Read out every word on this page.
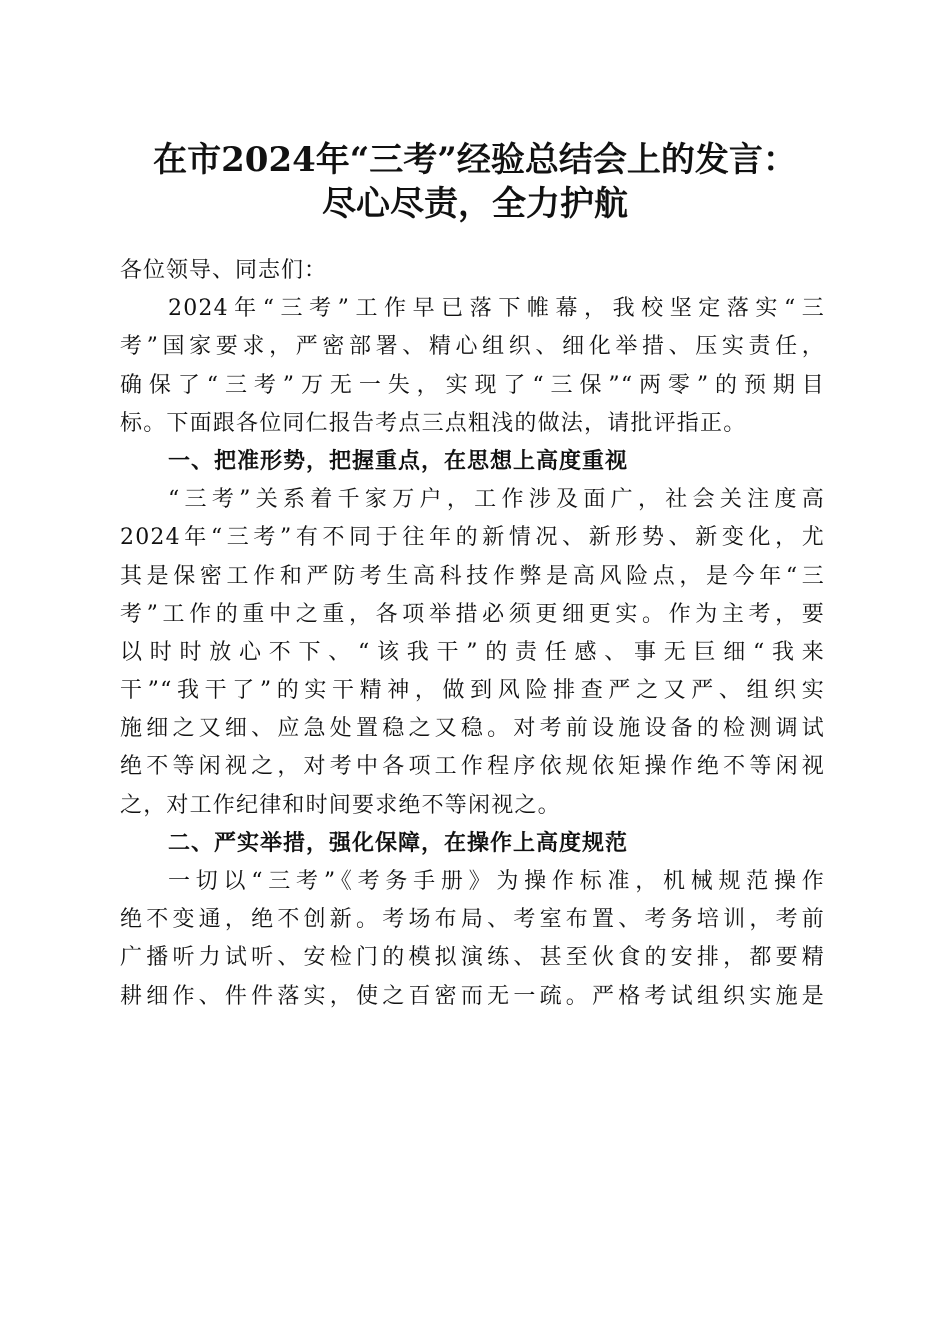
在市2024年“三考”经验总结会上的发言：
尽心尽责，全力护航
各位领导、同志们：
2024年“三考”工作早已落下帷幕，我校坚定落实“三
考”国家要求，严密部署、精心组织、细化举措、压实责任，
确保了“三考”万无一失，实现了“三保”“两零”的预期目
标。下面跟各位同仁报告考点三点粗浅的做法，请批评指正。
一、把准形势，把握重点，在思想上高度重视
“三考”关系着千家万户，工作涉及面广，社会关注度高
2024年“三考”有不同于往年的新情况、新形势、新变化，尤
其是保密工作和严防考生高科技作弊是高风险点，是今年“三
考”工作的重中之重，各项举措必须更细更实。作为主考，要
以时时放心不下、“该我干”的责任感、事无巨细“我来
干”“我干了”的实干精神，做到风险排查严之又严、组织实
施细之又细、应急处置稳之又稳。对考前设施设备的检测调试
绝不等闲视之，对考中各项工作程序依规依矩操作绝不等闲视
之，对工作纪律和时间要求绝不等闲视之。
二、严实举措，强化保障，在操作上高度规范
一切以“三考”《考务手册》为操作标准，机械规范操作
绝不变通，绝不创新。考场布局、考室布置、考务培训，考前
广播听力试听、安检门的模拟演练、甚至伙食的安排，都要精
耕细作、件件落实，使之百密而无一疏。严格考试组织实施是
